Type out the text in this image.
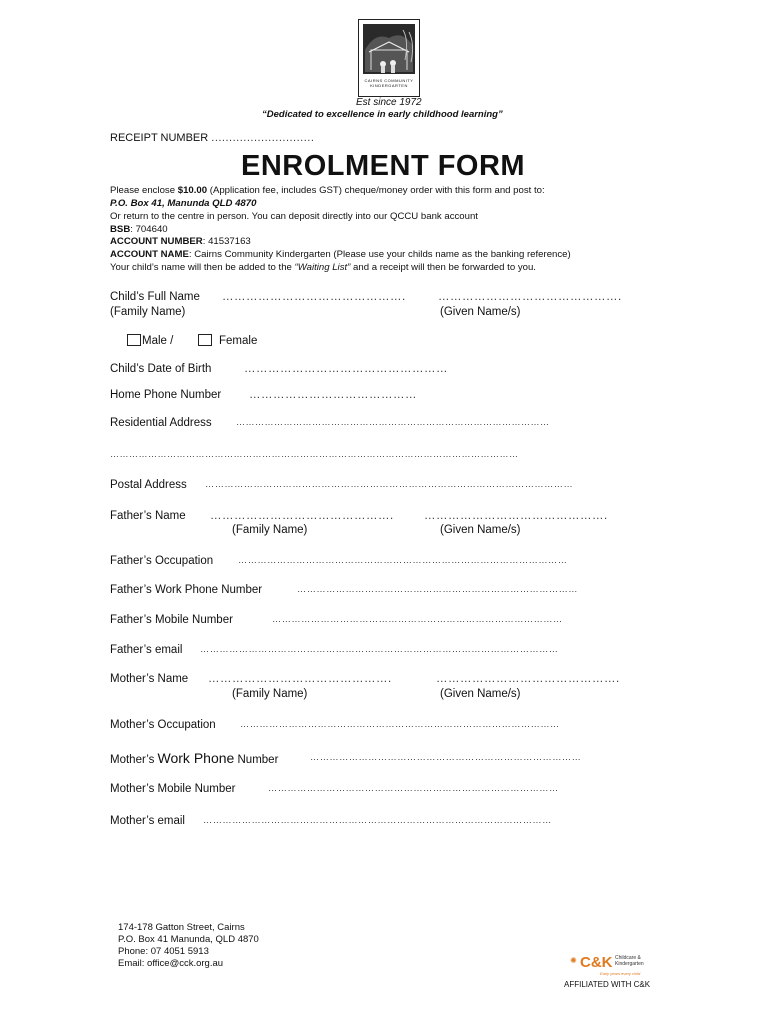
CAIRNS COMMUNITY KINDERGARTEN
Est since 1972
“Dedicated to excellence in early childhood learning”
RECEIPT NUMBER .............................
ENROLMENT FORM
Please enclose $10.00 (Application fee, includes GST) cheque/money order with this form and post to:
P.O. Box 41, Manunda QLD 4870
Or return to the centre in person. You can deposit directly into our QCCU bank account
BSB: 704640
ACCOUNT NUMBER: 41537163
ACCOUNT NAME: Cairns Community Kindergarten (Please use your childs name as the banking reference)
Your child’s name will then be added to the “Waiting List” and a receipt will then be forwarded to you.
Child’s Full Name ……………………………………….	……………………………………….
(Family Name)	(Given Name/s)
Male /	Female
Child’s Date of Birth	……………………………………………
Home Phone Number ……………………………………
Residential Address	………………………………………………………………………………………
…………………………………………………………………………………………………………………
Postal Address ……………………………………………………………………………………………………
Father’s Name ……………………………………….	……………………………………….
(Family Name)	(Given Name/s)
Father’s Occupation	…………………………………………………………………………………………
Father’s Work Phone Number	……………………………………………………………………………
Father’s Mobile Number	………………………………………………………………………………
Father’s email …………………………………………………………………………………………………
Mother’s Name ……………………………………….	……………………………………….
(Family Name)	(Given Name/s)
Mother’s Occupation	………………………………………………………………………………………
Mother’s Work Phone Number	…………………………………………………………………………
Mother’s Mobile Number	………………………………………………………………………………
Mother’s email ………………………………………………………………………………………………
174-178 Gatton Street, Cairns
P.O. Box 41 Manunda, QLD 4870
Phone: 07 4051 5913
Email: office@cck.org.au	✺ C&K Childcare & Kindergarten
Early years every child
AFFILIATED WITH C&K
